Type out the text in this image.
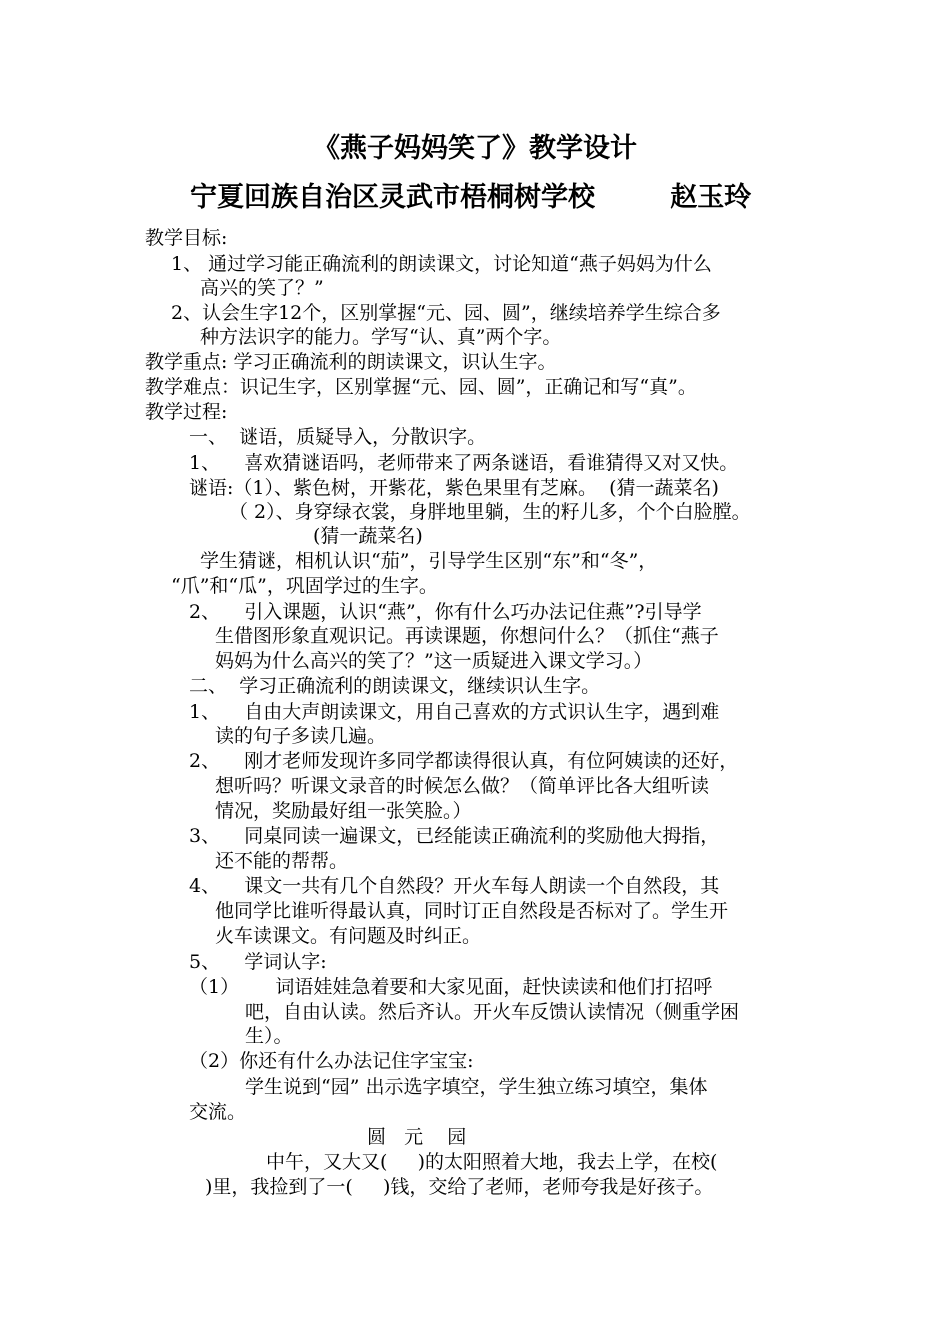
《燕子妈妈笑了》教学设计
宁夏回族自治区灵武市梧桐树学校        赵玉玲
教学目标:
1、 通过学习能正确流利的朗读课文，讨论知道“燕子妈妈为什么
高兴的笑了？”
2、认会生字12个，区别掌握“元、园、圆”，继续培养学生综合多
种方法识字的能力。学写“认、真”两个字。
教学重点: 学习正确流利的朗读课文，识认生字。
教学难点：识记生字，区别掌握“元、园、圆”，正确记和写“真”。
教学过程:
一、  谜语，质疑导入，分散识字。
1、    喜欢猜谜语吗，老师带来了两条谜语，看谁猜得又对又快。
谜语:（1）、紫色树，开紫花，紫色果里有芝麻。  (猜一蔬菜名)
（ 2）、身穿绿衣裳，身胖地里躺，生的籽儿多，个个白脸膛。
(猜一蔬菜名)
学生猜谜，相机认识“茄”，引导学生区别“东”和“冬”，
“爪”和“瓜”，巩固学过的生字。
2、    引入课题，认识“燕”，你有什么巧办法记住燕”?引导学
生借图形象直观识记。再读课题，你想问什么？（抓住“燕子
妈妈为什么高兴的笑了？”这一质疑进入课文学习。）
二、  学习正确流利的朗读课文，继续识认生字。
1、    自由大声朗读课文，用自己喜欢的方式识认生字，遇到难
读的句子多读几遍。
2、    刚才老师发现许多同学都读得很认真，有位阿姨读的还好，
想听吗？听课文录音的时候怎么做？（简单评比各大组听读
情况，奖励最好组一张笑脸。）
3、    同桌同读一遍课文，已经能读正确流利的奖励他大拇指，
还不能的帮帮。
4、    课文一共有几个自然段？开火车每人朗读一个自然段，其
他同学比谁听得最认真，同时订正自然段是否标对了。学生开
火车读课文。有问题及时纠正。
5、    学词认字:
（1）      词语娃娃急着要和大家见面，赶快读读和他们打招呼
吧，自由认读。然后齐认。开火车反馈认读情况（侧重学困
生）。
（2）你还有什么办法记住字宝宝:
学生说到“园” 出示选字填空，学生独立练习填空，集体
交流。
圆   元    园
中午，又大又(     )的太阳照着大地，我去上学，在校(
)里，我捡到了一(     )钱，交给了老师，老师夸我是好孩子。
